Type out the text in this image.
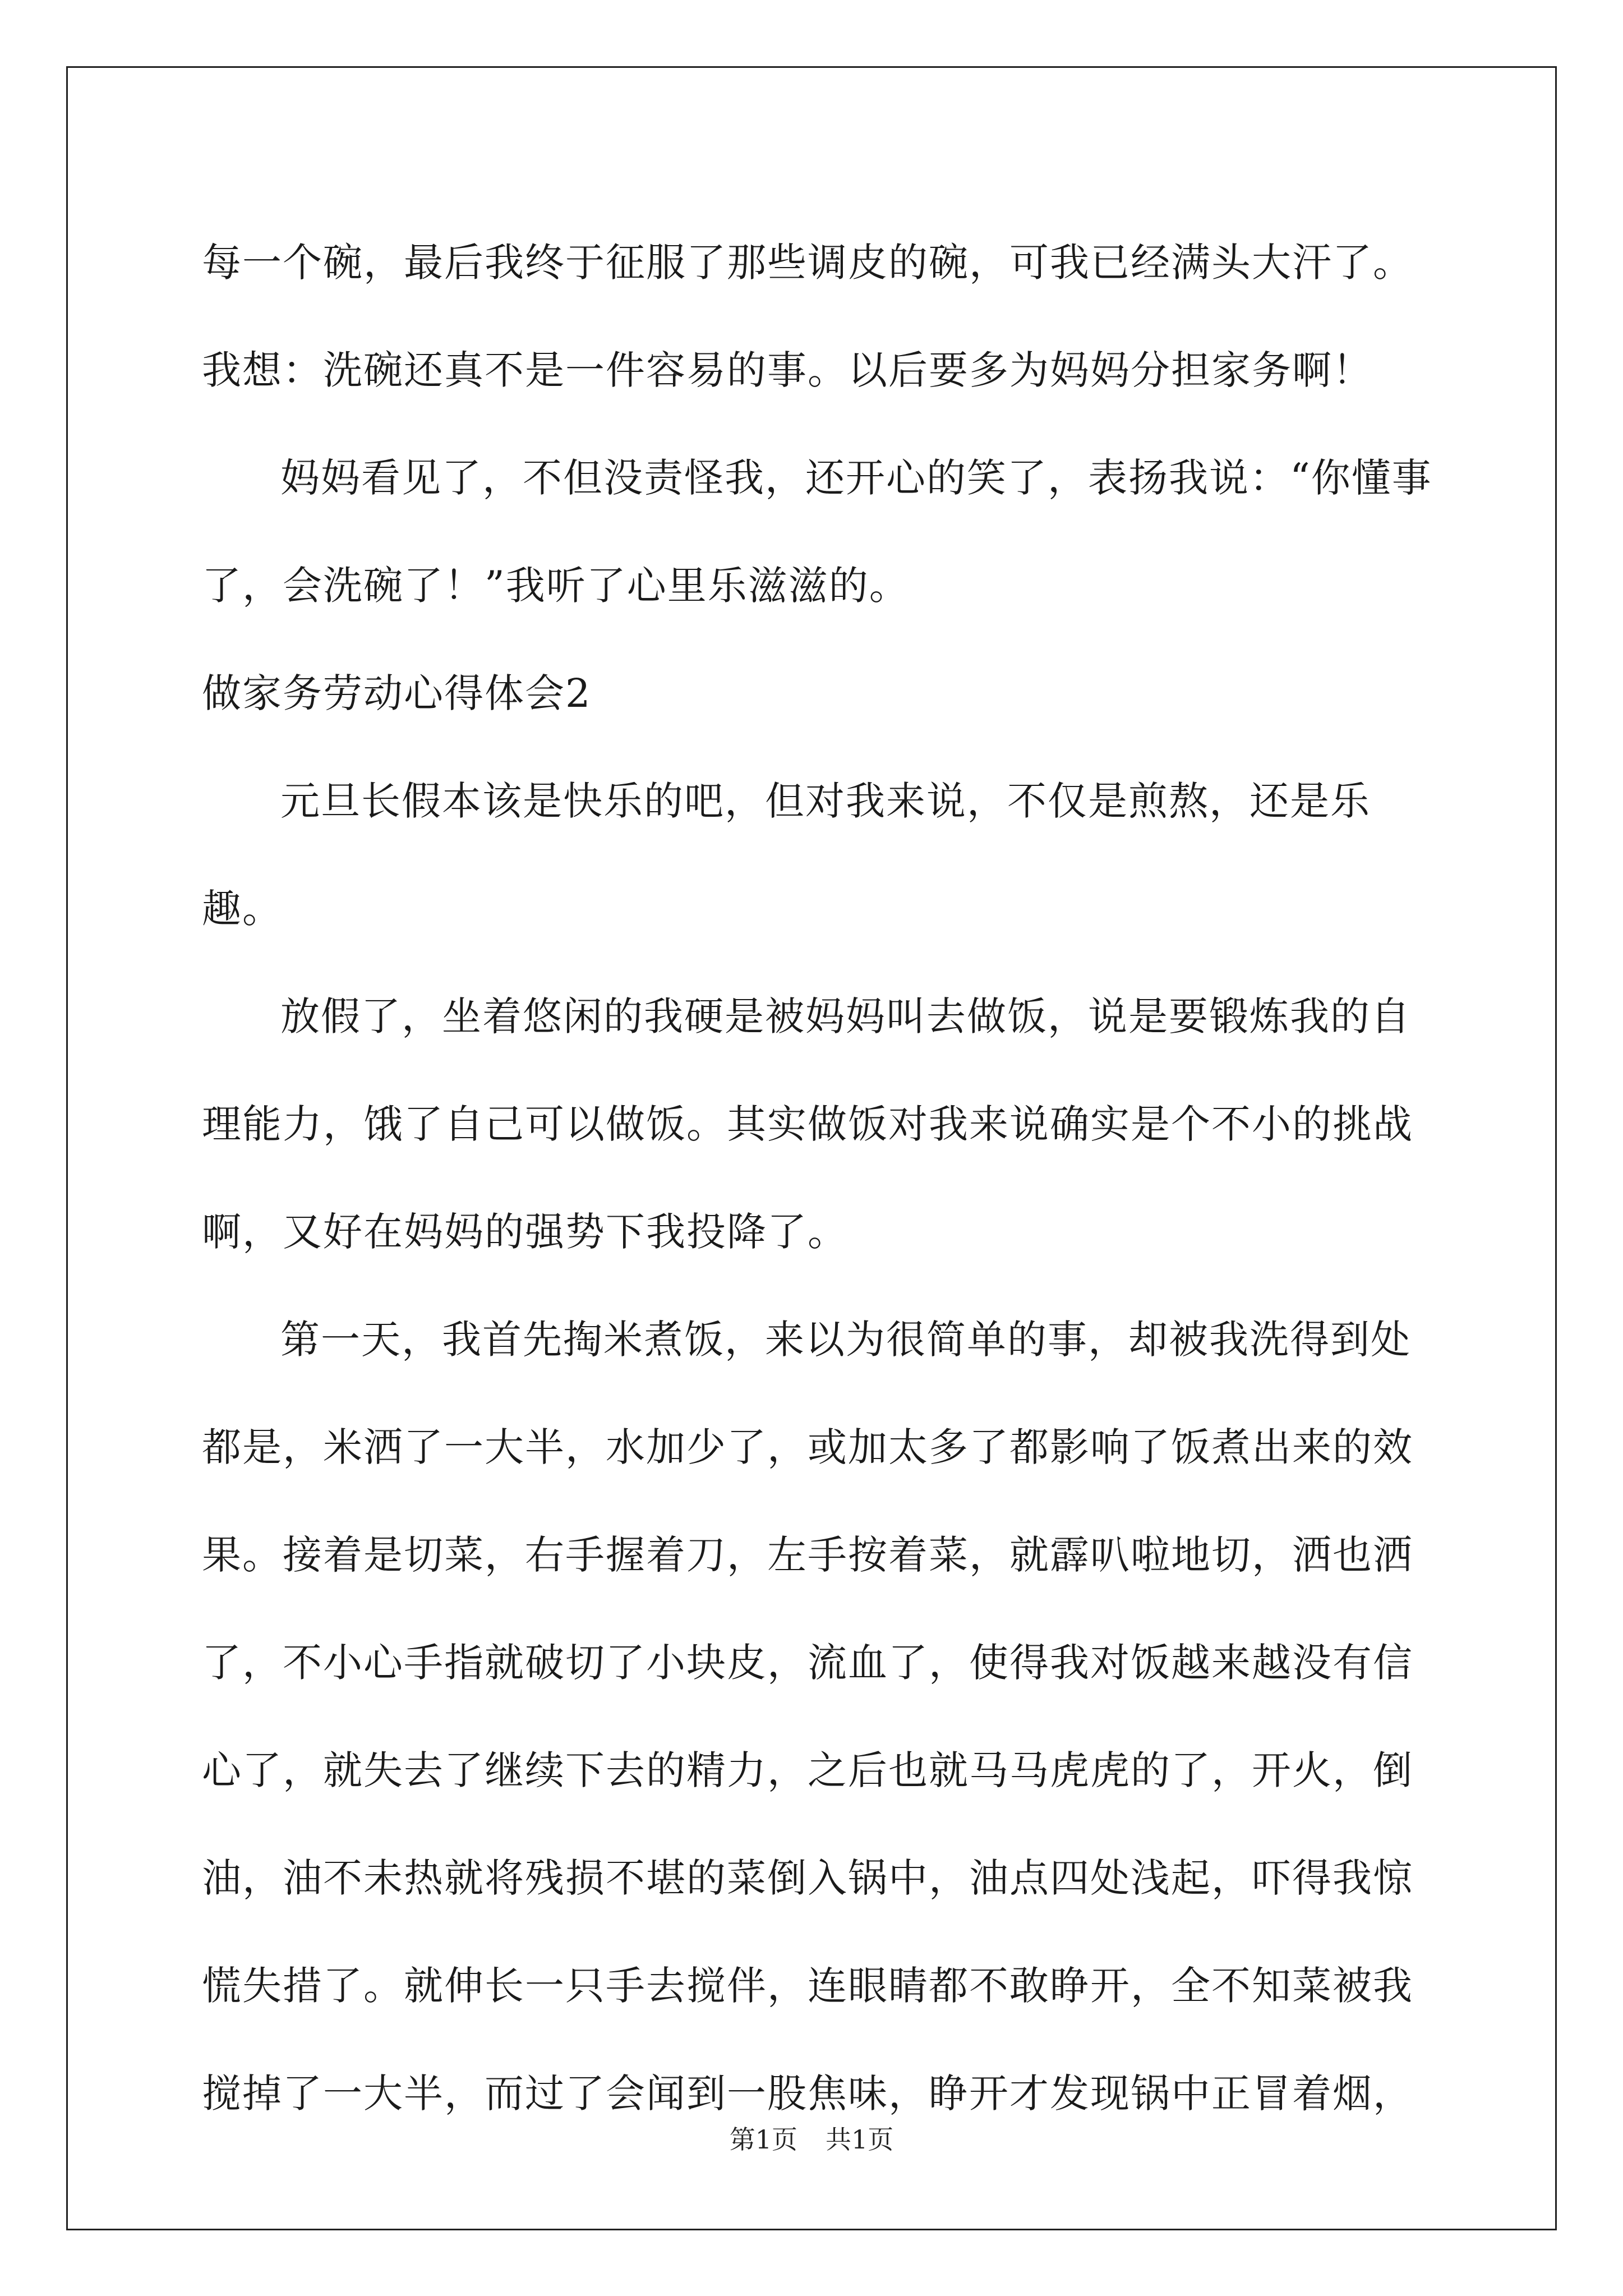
每一个碗，最后我终于征服了那些调皮的碗，可我已经满头大汗了。我想：洗碗还真不是一件容易的事。以后要多为妈妈分担家务啊！

妈妈看见了，不但没责怪我，还开心的笑了，表扬我说：“你懂事了，会洗碗了！”我听了心里乐滋滋的。

做家务劳动心得体会2

元旦长假本该是快乐的吧，但对我来说，不仅是煎熬，还是乐趣。

放假了，坐着悠闲的我硬是被妈妈叫去做饭，说是要锻炼我的自理能力，饿了自己可以做饭。其实做饭对我来说确实是个不小的挑战啊，又好在妈妈的强势下我投降了。

第一天，我首先掏米煮饭，来以为很简单的事，却被我洗得到处都是，米洒了一大半，水加少了，或加太多了都影响了饭煮出来的效果。接着是切菜，右手握着刀，左手按着菜，就霹叭啦地切，洒也洒了，不小心手指就破切了小块皮，流血了，使得我对饭越来越没有信心了，就失去了继续下去的精力，之后也就马马虎虎的了，开火，倒油，油不未热就将残损不堪的菜倒入锅中，油点四处浅起，吓得我惊慌失措了。就伸长一只手去搅伴，连眼睛都不敢睁开，全不知菜被我搅掉了一大半，而过了会闻到一股焦味，睁开才发现锅中正冒着烟，

第1页 共1页
